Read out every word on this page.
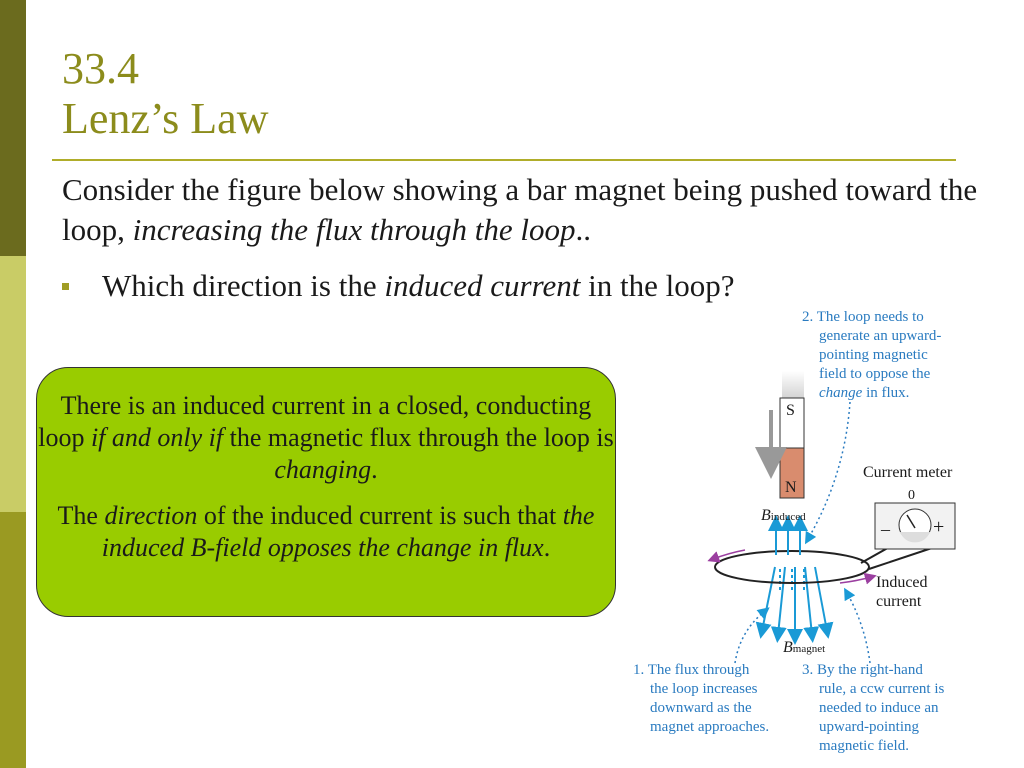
33.4
Lenz’s Law
Consider the figure below showing a bar magnet being pushed toward the loop, increasing the flux through the loop..
Which direction is the induced current in the loop?

There is an induced current in a closed, conducting loop if and only if the magnetic flux through the loop is changing.

The direction of the induced current is such that the induced B-field opposes the change in flux.

S
N
Current meter
0
– +
Binduced
Bmagnet
Induced
current
2. The loop needs to
generate an upward-
pointing magnetic
field to oppose the
change in flux.
1. The flux through
the loop increases
downward as the
magnet approaches.
3. By the right-hand
rule, a ccw current is
needed to induce an
upward-pointing
magnetic field.
